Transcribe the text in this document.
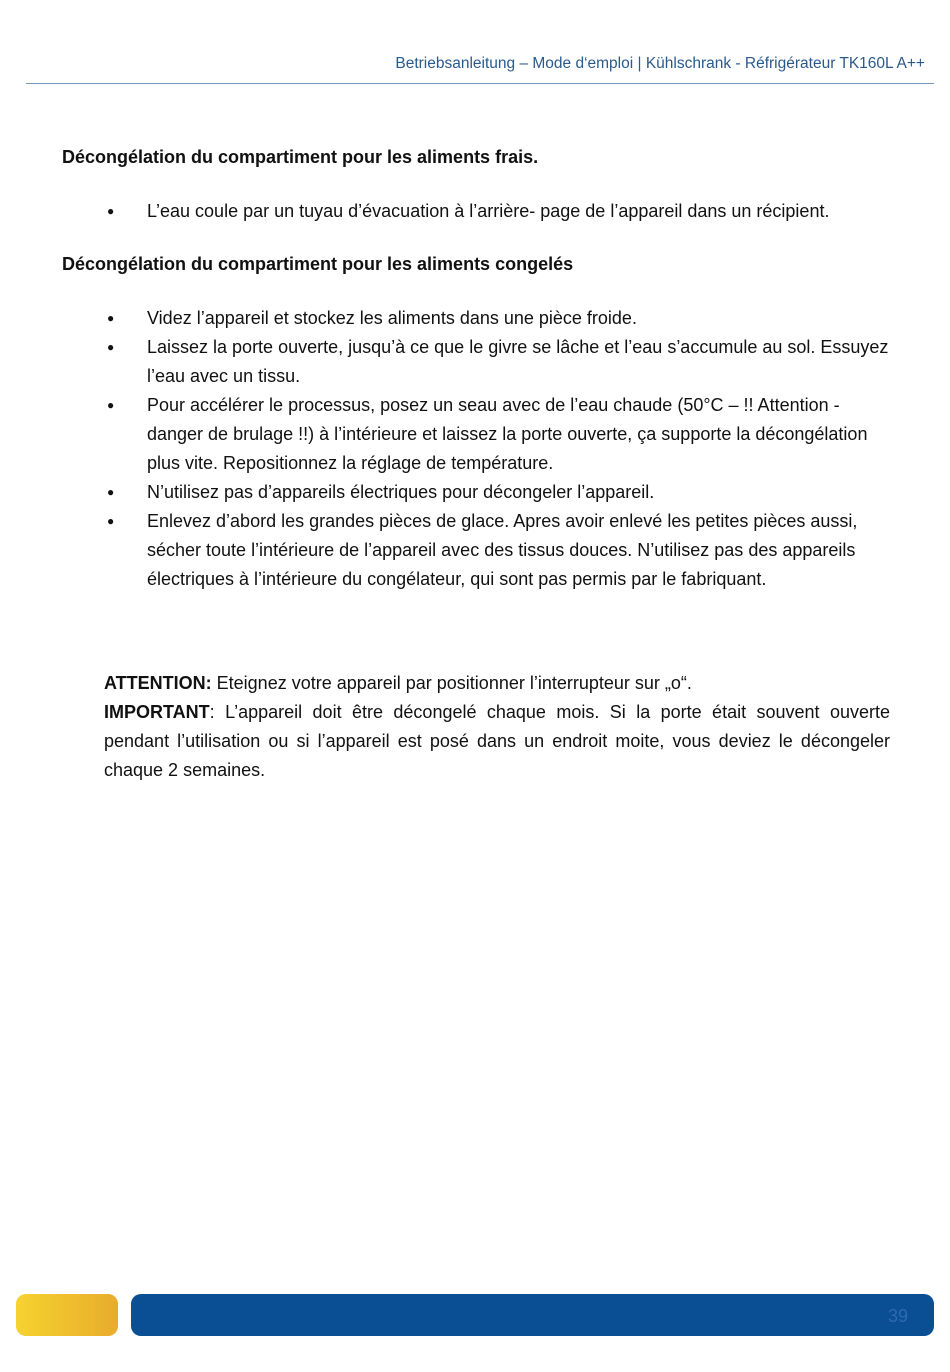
Betriebsanleitung – Mode d‘emploi | Kühlschrank - Réfrigérateur TK160L A++
Décongélation du compartiment pour les aliments frais.
● L’eau coule par un tuyau d’évacuation à l’arrière- page de l’appareil dans un récipient.
Décongélation du compartiment pour les aliments congelés
● Videz l’appareil et stockez les aliments dans une pièce froide.
● Laissez la porte ouverte, jusqu’à ce que le givre se lâche et l’eau s’accumule au sol. Essuyez l’eau avec un tissu.
● Pour accélérer le processus, posez un seau avec de l’eau chaude (50°C – !! Attention - danger de brulage !!) à l’intérieure et laissez la porte ouverte, ça supporte la décongélation plus vite. Repositionnez la réglage de température.
● N’utilisez pas d’appareils électriques pour décongeler l’appareil.
● Enlevez d’abord les grandes pièces de glace. Apres avoir enlevé les petites pièces aussi, sécher toute l’intérieure de l’appareil avec des tissus douces. N’utilisez pas des appareils électriques à l’intérieure du congélateur, qui sont pas permis par le fabriquant.

ATTENTION: Eteignez votre appareil par positionner l’interrupteur sur „o“.

IMPORTANT: L’appareil doit être décongelé chaque mois. Si la porte était souvent ouverte pendant l’utilisation ou si l’appareil est posé dans un endroit moite, vous deviez le décongeler chaque 2 semaines.

39
